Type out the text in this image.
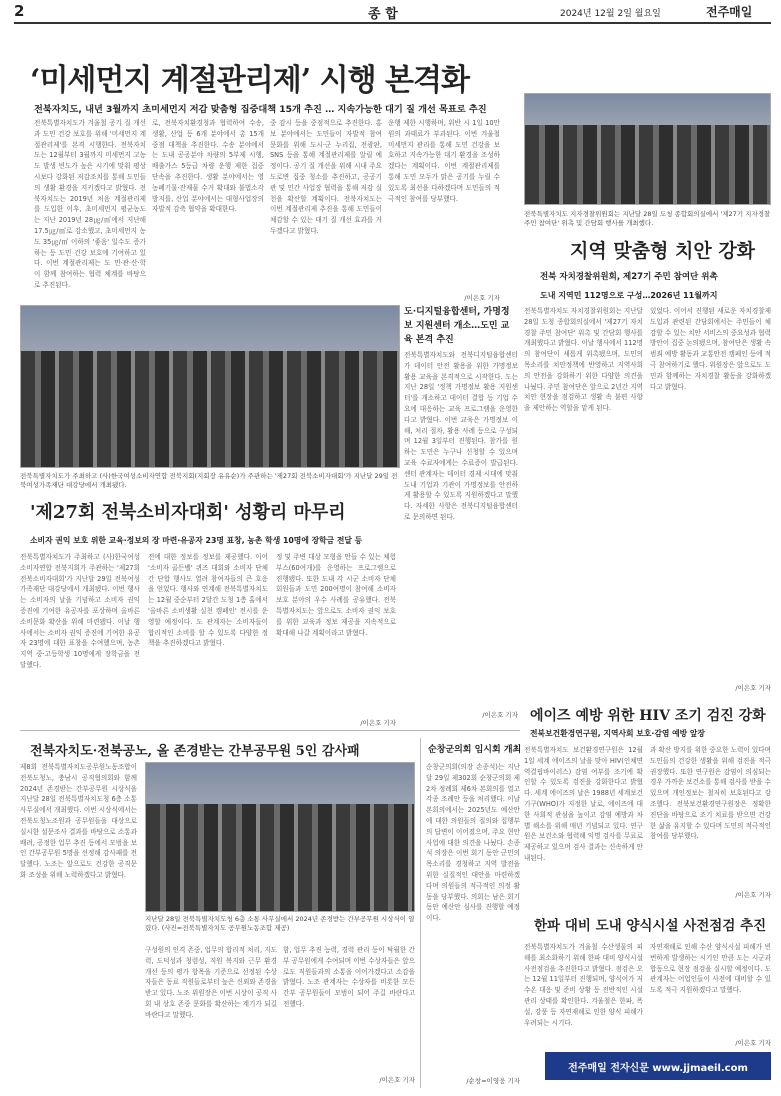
2	종 합	2024년 12월 2일 월요일	전주매일
‘미세먼지 계절관리제’ 시행 본격화
전북자치도, 내년 3월까지 초미세먼지 저감 맞춤형 집중대책 15개 추진 … 지속가능한 대기 질 개선 목표로 추진
전북특별자치도가 겨울철 공기 질 개선과 도민 건강 보호를 위해 '미세먼지 계절관리제'를 본격 시행한다. 전북자치도는 12월부터 3월까지 미세먼지 고농도 발생 빈도가 높은 시기에 맞춰 평상시보다 강화된 저감조치를 통해 도민들의 생활 환경을 지키겠다고 밝혔다. 전북자치도는 2019년 처음 계절관리제를 도입한 이후, 초미세먼지 평균농도는 지난 2019년 28㎍/㎥에서 지난해 17.5㎍/㎥로 감소했고, 초미세먼지 농도 35㎍/㎥ 이하의 '좋음' 일수도 증가하는 등 도민 건강 보호에 기여하고 있다. 이번 계절관리제는 도 민·관·산·학이 함께 참여하는 협력 체계를 바탕으로 추진된다.
로, 전북자치환경청과 협력하여 수송, 생활, 산업 등 6개 분야에서 총 15개 중점 대책을 추진한다. 수송 분야에서는 도내 공공분야 차량의 5부제 시행, 배출가스 5등급 차량 운행 제한 집중 단속을 추진한다. 생활 분야에서는 영농폐기물·잔재물 수거 확대와 불법소각 방지를, 산업 분야에서는 대형사업장의 자발적 감축 협약을 확대한다.
중 감시 등을 중점적으로 추진한다. 홍보 분야에서는 도민들이 자발적 참여 문화를 위해 도시·군 누리집, 전광판, SNS 등을 통해 계절관리제를 알릴 예정이다. 공기 질 개선을 위해 시내 주요 도로변 집중 청소를 추진하고, 공공기관 및 민간 사업장 협력을 통해 저감 실천을 확산할 계획이다. 전북자치도는 이번 계절관리제 추진을 통해 도민들이 체감할 수 있는 대기 질 개선 효과를 거두겠다고 밝혔다.
운행 제한 시행하며, 위반 시 1일 10만 원의 과태료가 부과된다. 이번 겨울철 미세먼지 관리를 통해 도민 건강을 보호하고 지속가능한 대기 환경을 조성하겠다는 계획이다. 이번 계절관리제를 통해 도민 모두가 맑은 공기를 누릴 수 있도록 최선을 다하겠다며 도민들의 적극적인 참여를 당부했다.
/이은호 기자
전북특별자치도 지자경찰위원회는 지난달 28일 도청 종합회의실에서 '제27기 지자경찰 주민 참여단' 위촉 및 간담회 행사를 개최했다.
지역 맞춤형 치안 강화
전북 자치경찰위원회, 제27기 주민 참여단 위촉
도내 지역민 112명으로 구성…2026년 11월까지
전북특별자치도 자치경찰위원회는 지난달 28일 도청 종합회의실에서 '제27기 자치경찰 주민 참여단' 위촉 및 간담회 행사를 개최했다고 밝혔다. 이날 행사에서 112명의 참여단이 새롭게 위촉됐으며, 도민의 목소리를 치안정책에 반영하고 지역사회의 안전을 강화하기 위한 다양한 의견을 나눴다. 주민 참여단은 앞으로 2년간 지역 치안 현장을 점검하고 생활 속 불편 사항을 제안하는 역할을 맡게 된다.
있었다. 이어서 진행된 새로운 자치경찰제 도입과 관련된 간담회에서는 주민들이 체감할 수 있는 치안 서비스의 중요성과 협력 방안이 집중 논의됐으며, 참여단은 생활 속 범죄 예방 활동과 교통안전 캠페인 등에 적극 참여하기로 했다. 위원장은 앞으로도 도민과 함께하는 자치경찰 활동을 강화하겠다고 밝혔다.
/이은호 기자
전북특별자치도가 주최하고 (사)한국여성소비자연합 전북지회(지회장 유유순)가 주관하는 '제27회 전북소비자대회'가 지난달 29일 전북여성가족재단 대강당에서 개최됐다.
도·디지털융합센터, 가명정보 지원센터 개소…도민 교육 본격 추진
전북특별자치도와 전북디지털융합센터가 데이터 안전 활용을 위한 가명정보 활용 교육을 본격적으로 시작한다. 도는 지난 28일 '정책 가명정보 활용 지원센터'를 개소하고 데이터 결합 등 기업 수요에 대응하는 교육 프로그램을 운영한다고 밝혔다. 이번 교육은 가명정보 이해, 처리 절차, 활용 사례 등으로 구성되며 12월 3일부터 진행된다. 참가를 원하는 도민은 누구나 신청할 수 있으며 교육 수료자에게는 수료증이 발급된다. 센터 관계자는 데이터 경제 시대에 맞춰 도내 기업과 기관이 가명정보를 안전하게 활용할 수 있도록 지원하겠다고 말했다. 자세한 사항은 전북디지털융합센터로 문의하면 된다.
/이은호 기자
'제27회 전북소비자대회' 성황리 마무리
소비자 권익 보호 위한 교육·정보의 장 마련·유공자 23명 표창, 농촌 학생 10명에 장학금 전달 등
전북특별자치도가 주최하고 (사)한국여성소비자연합 전북지회가 주관하는 '제27회 전북소비자대회'가 지난달 29일 전북여성가족재단 대강당에서 개최됐다. 이번 행사는 소비자의 날을 기념하고 소비자 권익 증진에 기여한 유공자를 포상하며 올바른 소비문화 확산을 위해 마련됐다. 이날 행사에서는 소비자 권익 증진에 기여한 유공자 23명에 대한 표창을 수여했으며, 농촌 지역 중·고등학생 10명에게 장학금을 전달했다.
전에 대한 정보를 정보를 제공했다. 이어 '소비자 골든벨' 퀴즈 대회와 소비자 단체 간 단합 행사도 열려 참여자들의 큰 호응을 얻었다. 행사와 연계해 전북특별자치도는 12월 중순부터 2달간 도청 1층 홀에서 '올바른 소비생활 실천 캠페인' 전시를 운영할 예정이다. 도 관계자는 소비자들이 합리적인 소비를 할 수 있도록 다양한 정책을 추진하겠다고 밝혔다.
정 및 주변 대상 모형을 만들 수 있는 체험 부스(60여개)를 운영하는 프로그램으로 진행됐다. 또한 도내 각 시군 소비자 단체 회원들과 도민 200여명이 참여해 소비자 보호 분야의 우수 사례를 공유했다. 전북특별자치도는 앞으로도 소비자 권익 보호를 위한 교육과 정보 제공을 지속적으로 확대해 나갈 계획이라고 밝혔다.
/이은호 기자	에이즈 예방 위한 HIV 조기 검진 강화
전북보건환경연구원, 지역사회 보호·감염 예방 앞장
전북특별자치도 보건환경연구원은 12월 1일 세계 에이즈의 날을 맞아 HIV(인체면역결핍바이러스) 감염 여부를 조기에 확인할 수 있도록 검진을 강화한다고 밝혔다. 세계 에이즈의 날은 1988년 세계보건기구(WHO)가 지정한 날로, 에이즈에 대한 사회적 관심을 높이고 감염 예방과 차별 해소를 위해 매년 기념되고 있다. 연구원은 보건소와 협력해 익명 검사를 무료로 제공하고 있으며 검사 결과는 신속하게 안내된다.
과 확산 방지를 위한 중요한 노력이 있다며 도민들의 건강한 생활을 위해 검진을 적극 권장했다. 또한 연구원은 감염이 의심되는 경우 가까운 보건소를 통해 검사를 받을 수 있으며 개인정보는 철저히 보호된다고 강조했다. 전북보건환경연구원장은 정확한 진단을 바탕으로 조기 치료를 받으면 건강한 삶을 유지할 수 있다며 도민의 적극적인 참여를 당부했다.
/이은호 기자
전북자치도·전북공노, 올 존경받는 간부공무원 5인 감사패
제8회 전북특별자치도공무원노동조합이 전북도청노, 충남시 공직협의회와 함께 2024년 존경받는 간부공무원 시상식을 지난달 28일 전북특별자치도청 6층 소통 사무실에서 개최했다. 이번 시상식에서는 전북도청노조원과 공무원들을 대상으로 실시한 설문조사 결과를 바탕으로 소통과 배려, 공정한 업무 추진 등에서 모범을 보인 간부공무원 5명을 선정해 감사패를 전달했다. 노조는 앞으로도 건강한 공직문화 조성을 위해 노력하겠다고 밝혔다.
지난달 28일 전북특별자치도청 6층 소통 사무실에서 2024년 존경받는 간부공무원 시상식이 열렸다. (사진=전북특별자치도 공무원노동조합 제공)
구성원의 인격 존중, 업무의 합리적 처리, 지도력, 도덕성과 청렴성, 직원 복지와 근무 환경 개선 등의 평가 항목을 기준으로 선정된 수상자들은 동료 직원들로부터 높은 신뢰와 존경을 받고 있다. 노조 위원장은 이번 시상이 공직 사회 내 상호 존중 문화를 확산하는 계기가 되길 바란다고 말했다.
함, 업무 추진 능력, 경력 관리 등이 탁월한 간부 공무원에게 수여되며 이번 수상자들은 앞으로도 직원들과의 소통을 이어가겠다고 소감을 밝혔다. 노조 관계자는 수상자를 비롯한 모든 간부 공무원들이 모범이 되어 주길 바란다고 전했다.
/이은호 기자
순창군의회 임시회 개최
순창군의회(의장 손종석)는 지난달 29일 제302회 순창군의회 제2차 정례회 제6차 본회의를 열고 각종 조례안 등을 처리했다. 이날 본회의에서는 2025년도 예산안에 대한 의원들의 질의와 집행부의 답변이 이어졌으며, 주요 현안 사업에 대한 의견을 나눴다. 손종석 의장은 이번 회기 동안 군민의 목소리를 경청하고 지역 발전을 위한 실질적인 대안을 마련하겠다며 의원들의 적극적인 의정 활동을 당부했다. 의회는 남은 회기 동안 예산안 심사를 진행할 예정이다.
/순창=이영웅 기자
한파 대비 도내 양식시설 사전점검 추진
전북특별자치도가 겨울철 수산생물의 피해를 최소화하기 위해 한파 대비 양식시설 사전점검을 추진한다고 밝혔다. 점검은 오는 12월 11일부터 진행되며, 양식어가 저수온 대응 및 준비 상황 등 전반적인 시설 관리 상태를 확인한다. 겨울철은 한파, 폭설, 강풍 등 자연재해로 인한 양식 피해가 우려되는 시기다.
자연재해로 인해 수산 양식시설 피해가 빈번하게 발생하는 시기인 만큼 도는 시군과 합동으로 현장 점검을 실시할 예정이다. 도 관계자는 어업인들이 사전에 대비할 수 있도록 적극 지원하겠다고 말했다.
/이은호 기자
전주매일 전자신문 www.jjmaeil.com
